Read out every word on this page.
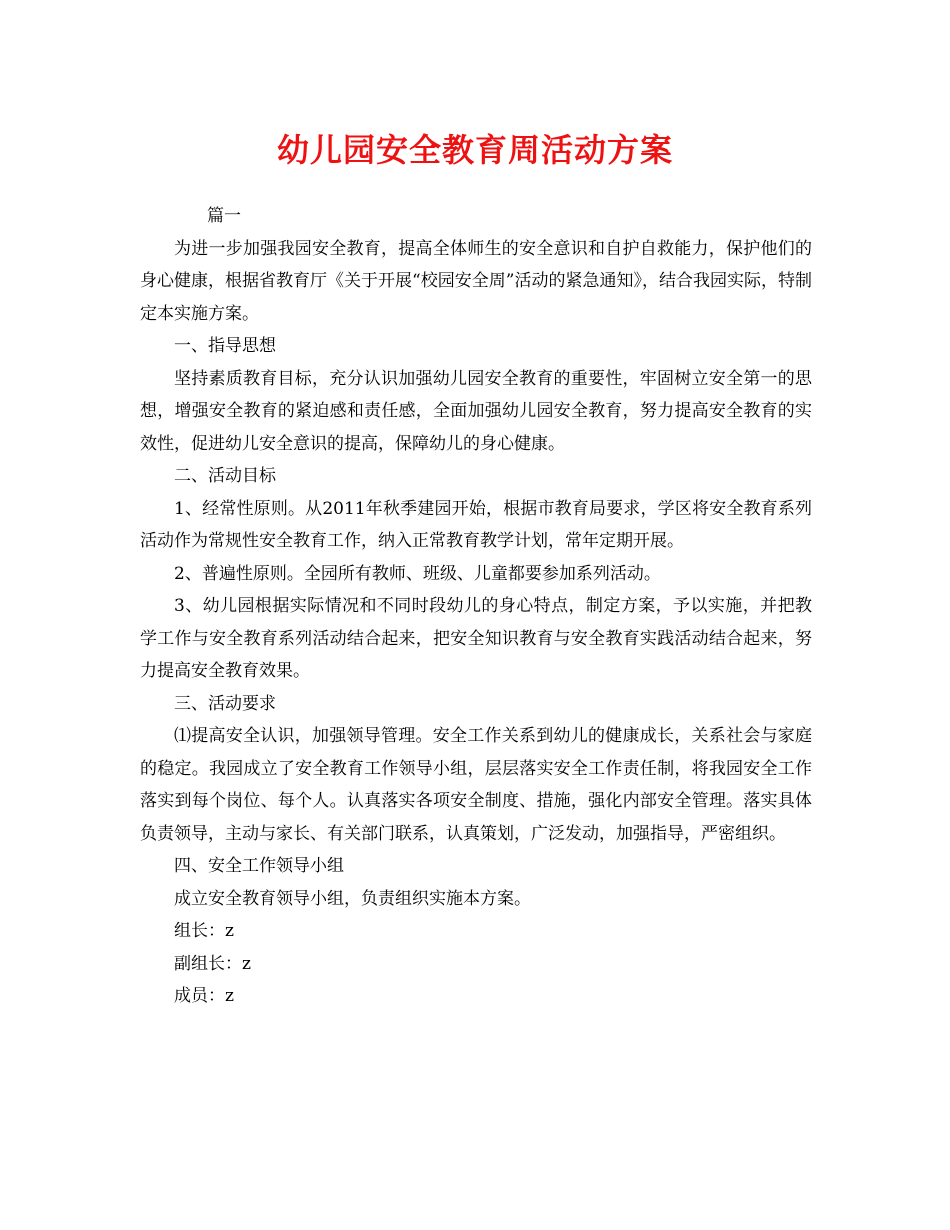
幼儿园安全教育周活动方案

篇一

为进一步加强我园安全教育，提高全体师生的安全意识和自护自救能力，保护他们的身心健康，根据省教育厅《关于开展“校园安全周”活动的紧急通知》，结合我园实际，特制定本实施方案。

一、指导思想

坚持素质教育目标，充分认识加强幼儿园安全教育的重要性，牢固树立安全第一的思想，增强安全教育的紧迫感和责任感，全面加强幼儿园安全教育，努力提高安全教育的实效性，促进幼儿安全意识的提高，保障幼儿的身心健康。

二、活动目标

1、经常性原则。从2011年秋季建园开始，根据市教育局要求，学区将安全教育系列活动作为常规性安全教育工作，纳入正常教育教学计划，常年定期开展。

2、普遍性原则。全园所有教师、班级、儿童都要参加系列活动。

3、幼儿园根据实际情况和不同时段幼儿的身心特点，制定方案，予以实施，并把教学工作与安全教育系列活动结合起来，把安全知识教育与安全教育实践活动结合起来，努力提高安全教育效果。

三、活动要求

⑴提高安全认识，加强领导管理。安全工作关系到幼儿的健康成长，关系社会与家庭的稳定。我园成立了安全教育工作领导小组，层层落实安全工作责任制，将我园安全工作落实到每个岗位、每个人。认真落实各项安全制度、措施，强化内部安全管理。落实具体负责领导，主动与家长、有关部门联系，认真策划，广泛发动，加强指导，严密组织。

四、安全工作领导小组

成立安全教育领导小组，负责组织实施本方案。

组长：z

副组长：z

成员：z
